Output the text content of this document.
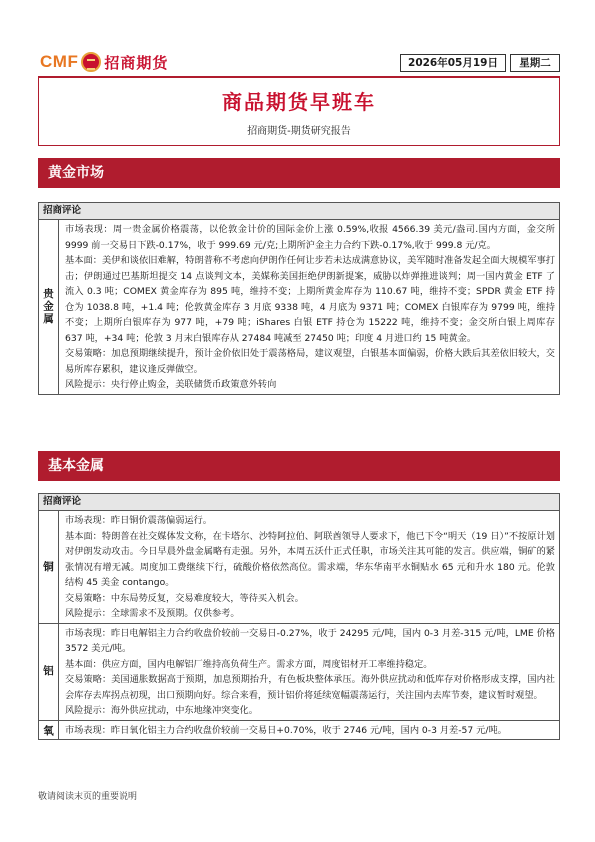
CMF 招商期货	2026年05月19日	星期二
商品期货早班车
招商期货-期货研究报告
黄金市场
招商评论
贵金属

市场表现：周一贵金属价格震荡，以伦敦金计价的国际金价上涨 0.59%,收报 4566.39 美元/盎司.国内方面，金交所 9999 前一交易日下跌-0.17%，收于 999.69 元/克;上期所沪金主力合约下跌-0.17%,收于 999.8 元/克。

基本面：美伊和谈依旧难解，特朗普称不考虑向伊朗作任何让步若未达成满意协议，美军随时准备发起全面大规模军事打击；伊朗通过巴基斯坦提交 14 点谈判文本，美媒称美国拒绝伊朗新提案，威胁以炸弹推进谈判；周一国内黄金 ETF 了流入 0.3 吨；COMEX 黄金库存为 895 吨，维持不变；上期所黄金库存为 110.67 吨，维持不变；SPDR 黄金 ETF 持仓为 1038.8 吨，+1.4 吨；伦敦黄金库存 3 月底 9338 吨，4 月底为 9371 吨；COMEX 白银库存为 9799 吨，维持不变；上期所白银库存为 977 吨，+79 吨；iShares 白银 ETF 持仓为 15222 吨，维持不变；金交所白银上周库存 637 吨，+34 吨；伦敦 3 月末白银库存从 27484 吨减至 27450 吨；印度 4 月进口约 15 吨黄金。

交易策略：加息预期继续提升，预计金价依旧处于震荡格局，建议观望，白银基本面偏弱，价格大跌后其差依旧较大，交易所库存累积，建议逢反弹做空。

风险提示：央行停止购金，美联储货币政策意外转向

基本金属
招商评论
铜

市场表现：昨日铜价震荡偏弱运行。

基本面：特朗普在社交媒体发文称，在卡塔尔、沙特阿拉伯、阿联酋领导人要求下，他已下令“明天（19 日）”不按原计划对伊朗发动攻击。今日早晨外盘金属略有走强。另外，本周五沃什正式任职，市场关注其可能的发言。供应端，铜矿的紧张情况有增无减。周度加工费继续下行，硫酸价格依然高位。需求端，华东华南平水铜贴水 65 元和升水 180 元。伦敦结构 45 美金 contango。

交易策略：中东局势反复，交易难度较大，等待买入机会。

风险提示：全球需求不及预期。仅供参考。

铝

市场表现：昨日电解铝主力合约收盘价较前一交易日-0.27%，收于 24295 元/吨，国内 0-3 月差-315 元/吨，LME 价格 3572 美元/吨。

基本面：供应方面，国内电解铝厂维持高负荷生产。需求方面，周度铝材开工率维持稳定。

交易策略：美国通胀数据高于预期，加息预期抬升，有色板块整体承压。海外供应扰动和低库存对价格形成支撑，国内社会库存去库拐点初现，出口预期向好。综合来看，预计铝价将延续宽幅震荡运行，关注国内去库节奏，建议暂时观望。

风险提示：海外供应扰动，中东地缘冲突变化。

氧	市场表现：昨日氧化铝主力合约收盘价较前一交易日+0.70%，收于 2746 元/吨，国内 0-3 月差-57 元/吨。

敬请阅读末页的重要说明
